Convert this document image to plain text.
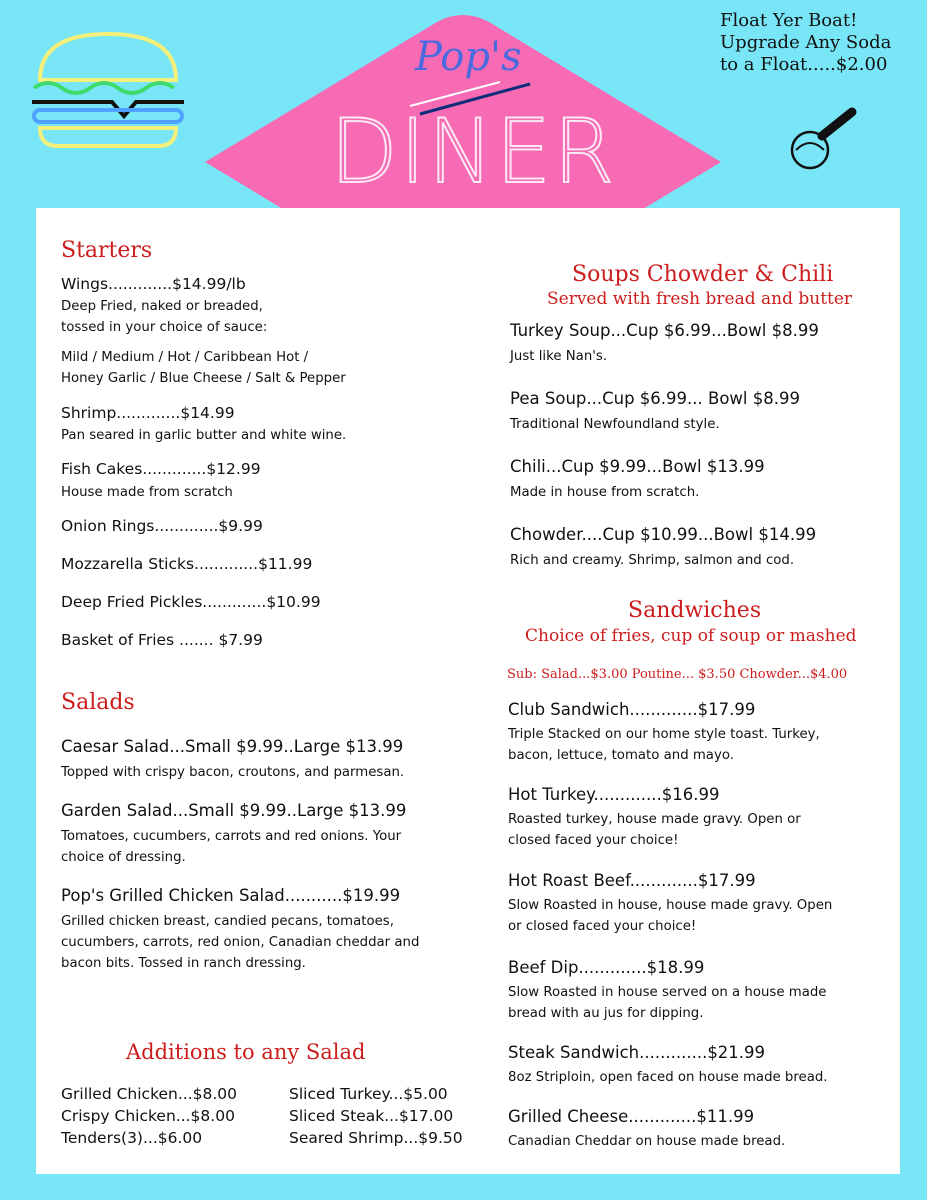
Pop's
DINER
Float Yer Boat!
Upgrade Any Soda
to a Float.....$2.00
Starters
Wings.............$14.99/lb
Deep Fried, naked or breaded,
tossed in your choice of sauce:
Mild / Medium / Hot / Caribbean Hot /
Honey Garlic / Blue Cheese / Salt & Pepper
Shrimp.............$14.99
Pan seared in garlic butter and white wine.
Fish Cakes.............$12.99
House made from scratch
Onion Rings.............$9.99
Mozzarella Sticks.............$11.99
Deep Fried Pickles.............$10.99
Basket of Fries ....... $7.99
Salads
Caesar Salad...Small $9.99..Large $13.99
Topped with crispy bacon, croutons, and parmesan.
Garden Salad...Small $9.99..Large $13.99
Tomatoes, cucumbers, carrots and red onions. Your
choice of dressing.
Pop's Grilled Chicken Salad...........$19.99
Grilled chicken breast, candied pecans, tomatoes,
cucumbers, carrots, red onion, Canadian cheddar and
bacon bits. Tossed in ranch dressing.
Additions to any Salad
Grilled Chicken...$8.00
Crispy Chicken...$8.00
Tenders(3)...$6.00
Sliced Turkey...$5.00
Sliced Steak...$17.00
Seared Shrimp...$9.50
Soups Chowder & Chili
Served with fresh bread and butter
Turkey Soup...Cup $6.99...Bowl $8.99
Just like Nan's.
Pea Soup...Cup $6.99... Bowl $8.99
Traditional Newfoundland style.
Chili...Cup $9.99...Bowl $13.99
Made in house from scratch.
Chowder....Cup $10.99...Bowl $14.99
Rich and creamy. Shrimp, salmon and cod.
Sandwiches
Choice of fries, cup of soup or mashed
Sub: Salad...$3.00 Poutine... $3.50 Chowder...$4.00
Club Sandwich.............$17.99
Triple Stacked on our home style toast. Turkey,
bacon, lettuce, tomato and mayo.
Hot Turkey.............$16.99
Roasted turkey, house made gravy. Open or
closed faced your choice!
Hot Roast Beef.............$17.99
Slow Roasted in house, house made gravy. Open
or closed faced your choice!
Beef Dip.............$18.99
Slow Roasted in house served on a house made
bread with au jus for dipping.
Steak Sandwich.............$21.99
8oz Striploin, open faced on house made bread.
Grilled Cheese.............$11.99
Canadian Cheddar on house made bread.
